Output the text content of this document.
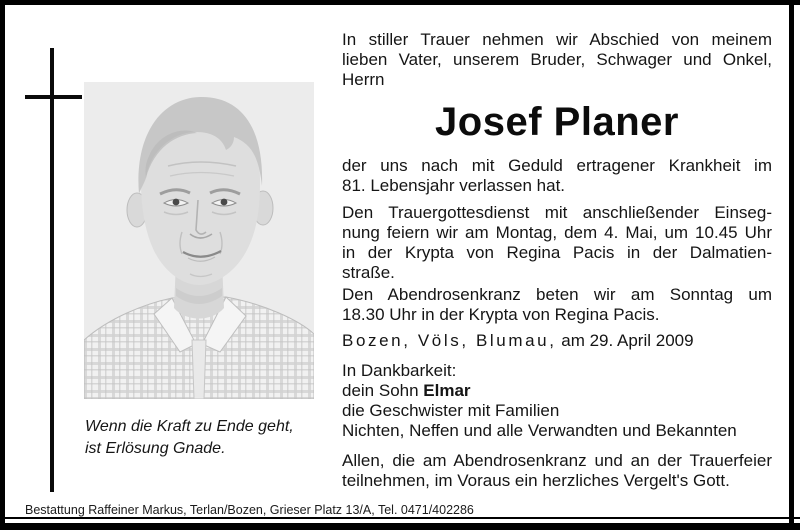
Wenn die Kraft zu Ende geht,
ist Erlösung Gnade.
In stiller Trauer nehmen wir Abschied von meinem
lieben Vater, unserem Bruder, Schwager und Onkel,
Herrn
Josef Planer
der uns nach mit Geduld ertragener Krankheit im
81. Lebensjahr verlassen hat.
Den Trauergottesdienst mit anschließender Einseg-
nung feiern wir am Montag, dem 4. Mai, um 10.45 Uhr
in der Krypta von Regina Pacis in der Dalmatien-
straße.
Den Abendrosenkranz beten wir am Sonntag um
18.30 Uhr in der Krypta von Regina Pacis.
Bozen, Völs, Blumau, am 29. April 2009
In Dankbarkeit:
dein Sohn Elmar
die Geschwister mit Familien
Nichten, Neffen und alle Verwandten und Bekannten
Allen, die am Abendrosenkranz und an der Trauerfeier
teilnehmen, im Voraus ein herzliches Vergelt's Gott.
Bestattung Raffeiner Markus, Terlan/Bozen, Grieser Platz 13/A, Tel. 0471/402286
